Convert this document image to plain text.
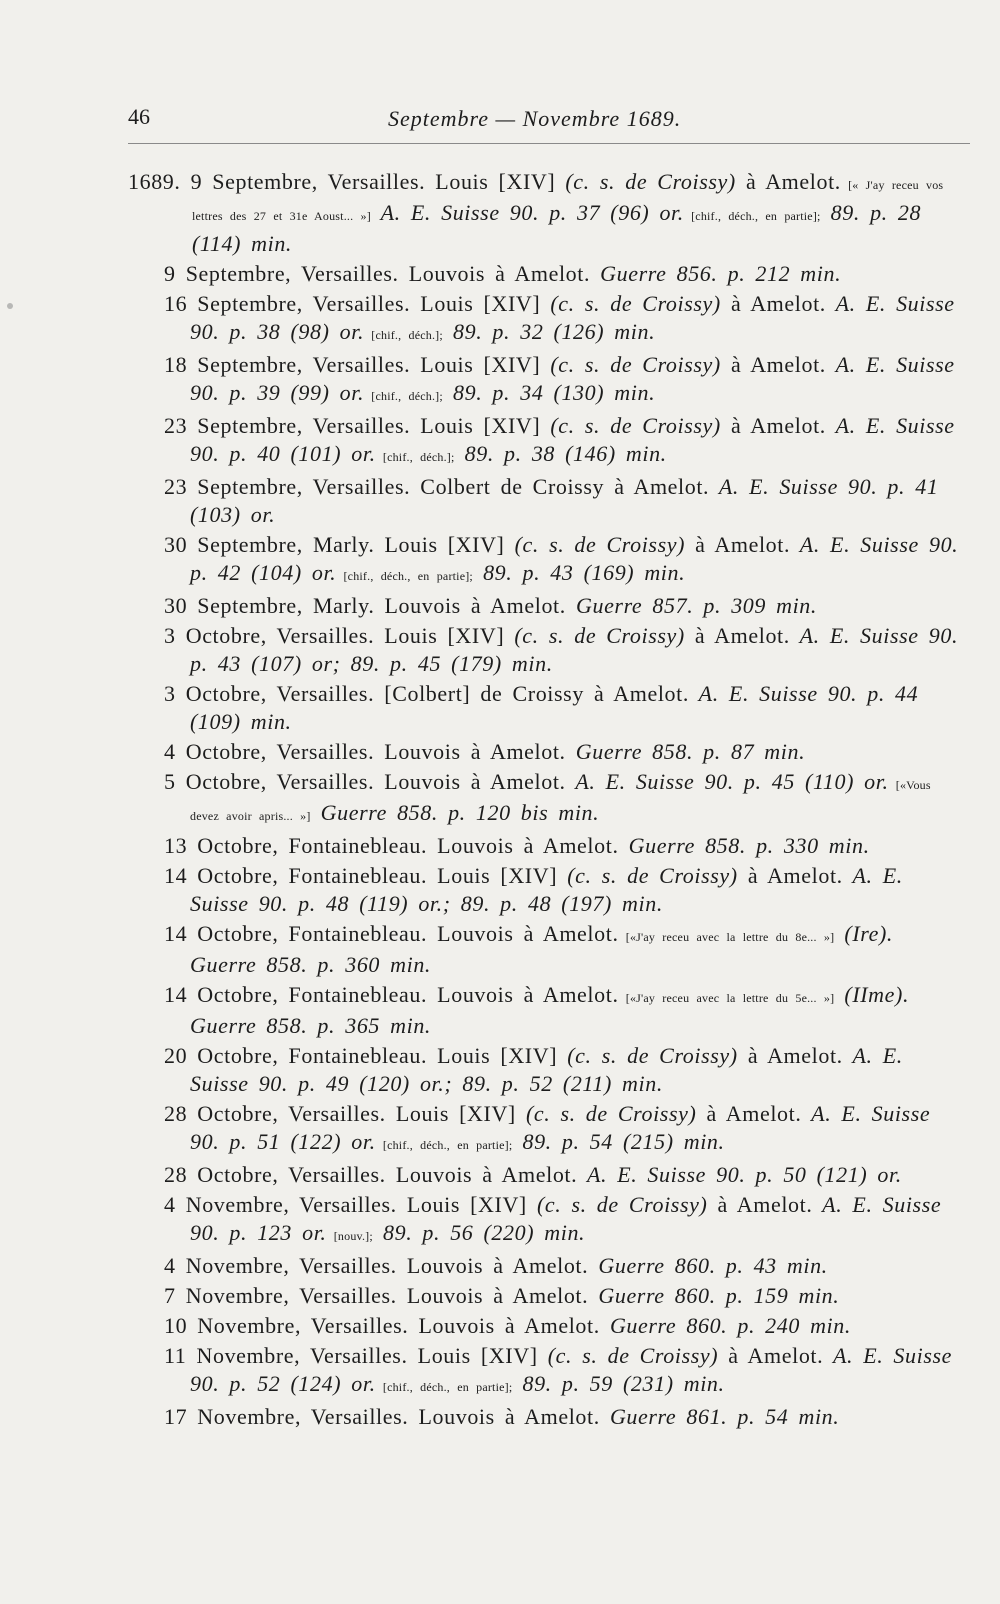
46	Septembre — Novembre 1689.
1689. 9 Septembre, Versailles. Louis [XIV] (c. s. de Croissy) à Amelot. [« J'ay receu vos lettres des 27 et 31e Aoust... »] A. E. Suisse 90. p. 37 (96) or. [chif., déch., en partie]; 89. p. 28 (114) min.
9 Septembre, Versailles. Louvois à Amelot. Guerre 856. p. 212 min.
16 Septembre, Versailles. Louis [XIV] (c. s. de Croissy) à Amelot. A. E. Suisse 90. p. 38 (98) or. [chif., déch.]; 89. p. 32 (126) min.
18 Septembre, Versailles. Louis [XIV] (c. s. de Croissy) à Amelot. A. E. Suisse 90. p. 39 (99) or. [chif., déch.]; 89. p. 34 (130) min.
23 Septembre, Versailles. Louis [XIV] (c. s. de Croissy) à Amelot. A. E. Suisse 90. p. 40 (101) or. [chif., déch.]; 89. p. 38 (146) min.
23 Septembre, Versailles. Colbert de Croissy à Amelot. A. E. Suisse 90. p. 41 (103) or.
30 Septembre, Marly. Louis [XIV] (c. s. de Croissy) à Amelot. A. E. Suisse 90. p. 42 (104) or. [chif., déch., en partie]; 89. p. 43 (169) min.
30 Septembre, Marly. Louvois à Amelot. Guerre 857. p. 309 min.
3 Octobre, Versailles. Louis [XIV] (c. s. de Croissy) à Amelot. A. E. Suisse 90. p. 43 (107) or; 89. p. 45 (179) min.
3 Octobre, Versailles. [Colbert] de Croissy à Amelot. A. E. Suisse 90. p. 44 (109) min.
4 Octobre, Versailles. Louvois à Amelot. Guerre 858. p. 87 min.
5 Octobre, Versailles. Louvois à Amelot. A. E. Suisse 90. p. 45 (110) or. [«Vous devez avoir apris... »] Guerre 858. p. 120 bis min.
13 Octobre, Fontainebleau. Louvois à Amelot. Guerre 858. p. 330 min.
14 Octobre, Fontainebleau. Louis [XIV] (c. s. de Croissy) à Amelot. A. E. Suisse 90. p. 48 (119) or.; 89. p. 48 (197) min.
14 Octobre, Fontainebleau. Louvois à Amelot. [«J'ay receu avec la lettre du 8e... »] (Ire). Guerre 858. p. 360 min.
14 Octobre, Fontainebleau. Louvois à Amelot. [«J'ay receu avec la lettre du 5e... »] (IIme). Guerre 858. p. 365 min.
20 Octobre, Fontainebleau. Louis [XIV] (c. s. de Croissy) à Amelot. A. E. Suisse 90. p. 49 (120) or.; 89. p. 52 (211) min.
28 Octobre, Versailles. Louis [XIV] (c. s. de Croissy) à Amelot. A. E. Suisse 90. p. 51 (122) or. [chif., déch., en partie]; 89. p. 54 (215) min.
28 Octobre, Versailles. Louvois à Amelot. A. E. Suisse 90. p. 50 (121) or.
4 Novembre, Versailles. Louis [XIV] (c. s. de Croissy) à Amelot. A. E. Suisse 90. p. 123 or. [nouv.]; 89. p. 56 (220) min.
4 Novembre, Versailles. Louvois à Amelot. Guerre 860. p. 43 min.
7 Novembre, Versailles. Louvois à Amelot. Guerre 860. p. 159 min.
10 Novembre, Versailles. Louvois à Amelot. Guerre 860. p. 240 min.
11 Novembre, Versailles. Louis [XIV] (c. s. de Croissy) à Amelot. A. E. Suisse 90. p. 52 (124) or. [chif., déch., en partie]; 89. p. 59 (231) min.
17 Novembre, Versailles. Louvois à Amelot. Guerre 861. p. 54 min.
